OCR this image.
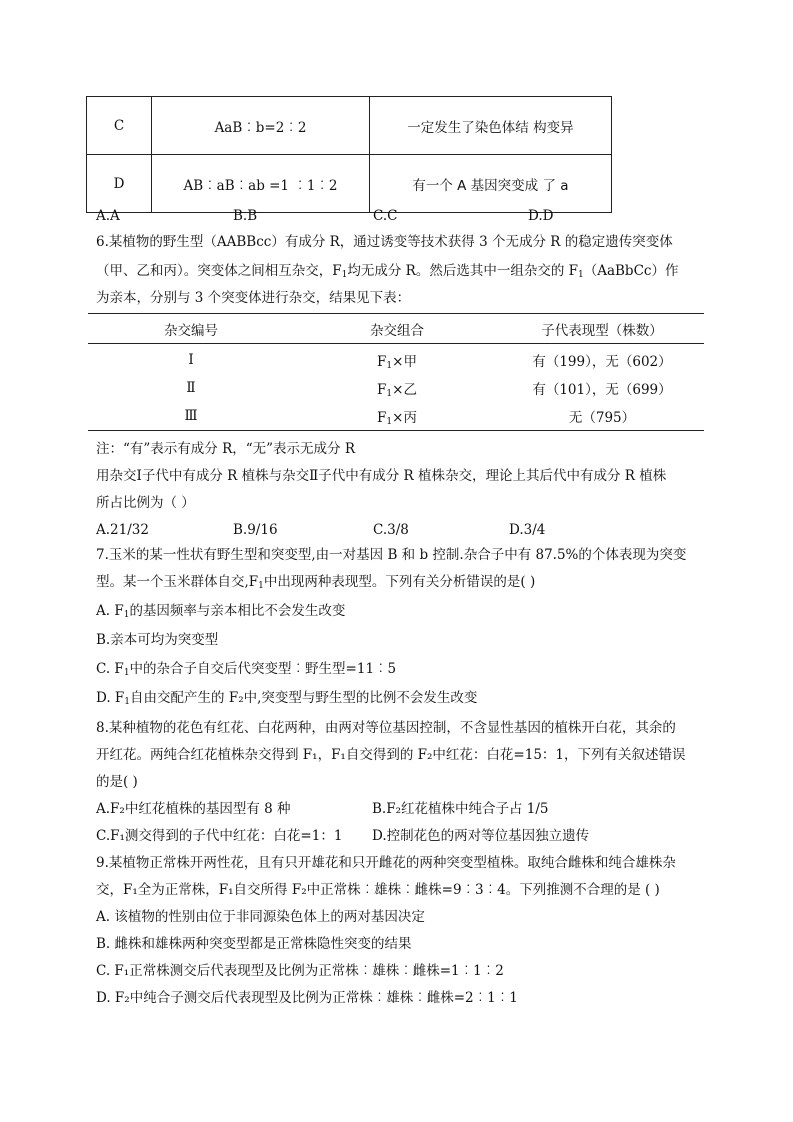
C	AaB︰b=2︰2	一定发生了染色体结 构变异
D	AB︰aB︰ab =1 ︰1︰2	有一个 A 基因突变成 了 a
A.A	B.B	C.C	D.D
6.某植物的野生型（AABBcc）有成分 R，通过诱变等技术获得 3 个无成分 R 的稳定遗传突变体
（甲、乙和丙）。突变体之间相互杂交，$F_1$均无成分 R。然后选其中一组杂交的 $F_1(AaBbCc)$作
为亲本，分别与 3 个突变体进行杂交，结果见下表：
杂交编号	杂交组合	子代表现型（株数）
Ⅰ	$F_1\times$甲	有（199），无（602）
Ⅱ	$F_1\times$乙	有（101），无（699）
Ⅲ	$F_1\times$丙	无（795）
注：“有”表示有成分 R，“无”表示无成分 R
用杂交Ⅰ子代中有成分 R 植株与杂交Ⅱ子代中有成分 R 植株杂交，理论上其后代中有成分 R 植株
所占比例为（ ）
A.21/32	B.9/16	C.3/8	D.3/4
7.玉米的某一性状有野生型和突变型,由一对基因 B 和 b 控制.杂合子中有 87.5%的个体表现为突变
型。某一个玉米群体自交$,F_1$中出现两种表现型。下列有关分析错误的是( )
A. $F_1$的基因频率与亲本相比不会发生改变
B.亲本可均为突变型
C. $F_1$中的杂合子自交后代突变型︰野生型=11︰5
D. $F_1$自由交配产生的 F₂中,突变型与野生型的比例不会发生改变
8.某种植物的花色有红花、白花两种，由两对等位基因控制，不含显性基因的植株开白花，其余的
开红花。两纯合红花植株杂交得到 F₁，F₁自交得到的 F₂中红花：白花=15：1，下列有关叙述错误
的是( )
A.F₂中红花植株的基因型有 8 种	B.F₂红花植株中纯合子占 1/5
C.F₁测交得到的子代中红花：白花=1：1 D.控制花色的两对等位基因独立遗传
9.某植物正常株开两性花，且有只开雄花和只开雌花的两种突变型植株。取纯合雌株和纯合雄株杂
交，F₁全为正常株，F₁自交所得 F₂中正常株︰雄株︰雌株=9︰3︰4。下列推测不合理的是 ( )
A. 该植物的性别由位于非同源染色体上的两对基因决定
B. 雌株和雄株两种突变型都是正常株隐性突变的结果
C. F₁正常株测交后代表现型及比例为正常株︰雄株︰雌株=1︰1︰2
D. F₂中纯合子测交后代表现型及比例为正常株︰雄株︰雌株=2︰1︰1
